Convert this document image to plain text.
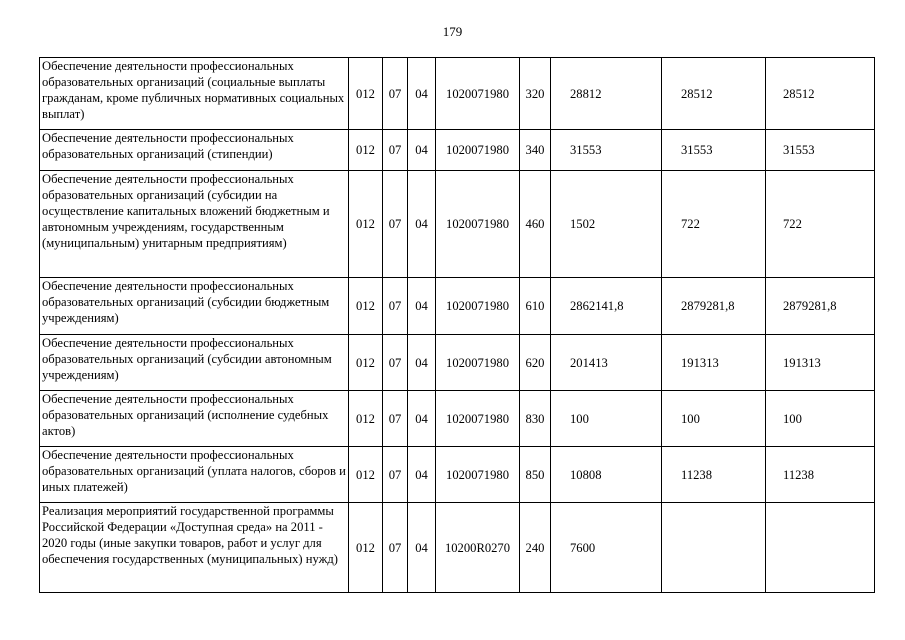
179
Обеспечение деятельности профессиональных образовательных организаций (социальные выплаты гражданам, кроме публичных нормативных социальных выплат)	012	07	04	1020071980	320	28812	28512	28512
Обеспечение деятельности профессиональных образовательных организаций (стипендии)	012	07	04	1020071980	340	31553	31553	31553
Обеспечение деятельности профессиональных образовательных организаций (субсидии на осуществление капитальных вложений бюджетным и автономным учреждениям, государственным (муниципальным) унитарным предприятиям)	012	07	04	1020071980	460	1502	722	722
Обеспечение деятельности профессиональных образовательных организаций (субсидии бюджетным учреждениям)	012	07	04	1020071980	610	2862141,8	2879281,8	2879281,8
Обеспечение деятельности профессиональных образовательных организаций (субсидии автономным учреждениям)	012	07	04	1020071980	620	201413	191313	191313
Обеспечение деятельности профессиональных образовательных организаций (исполнение судебных актов)	012	07	04	1020071980	830	100	100	100
Обеспечение деятельности профессиональных образовательных организаций (уплата налогов, сборов и иных платежей)	012	07	04	1020071980	850	10808	11238	11238
Реализация мероприятий государственной программы Российской Федерации «Доступная среда» на 2011 - 2020 годы (иные закупки товаров, работ и услуг для обеспечения государственных (муниципальных) нужд)	012	07	04	10200R0270	240	7600		
